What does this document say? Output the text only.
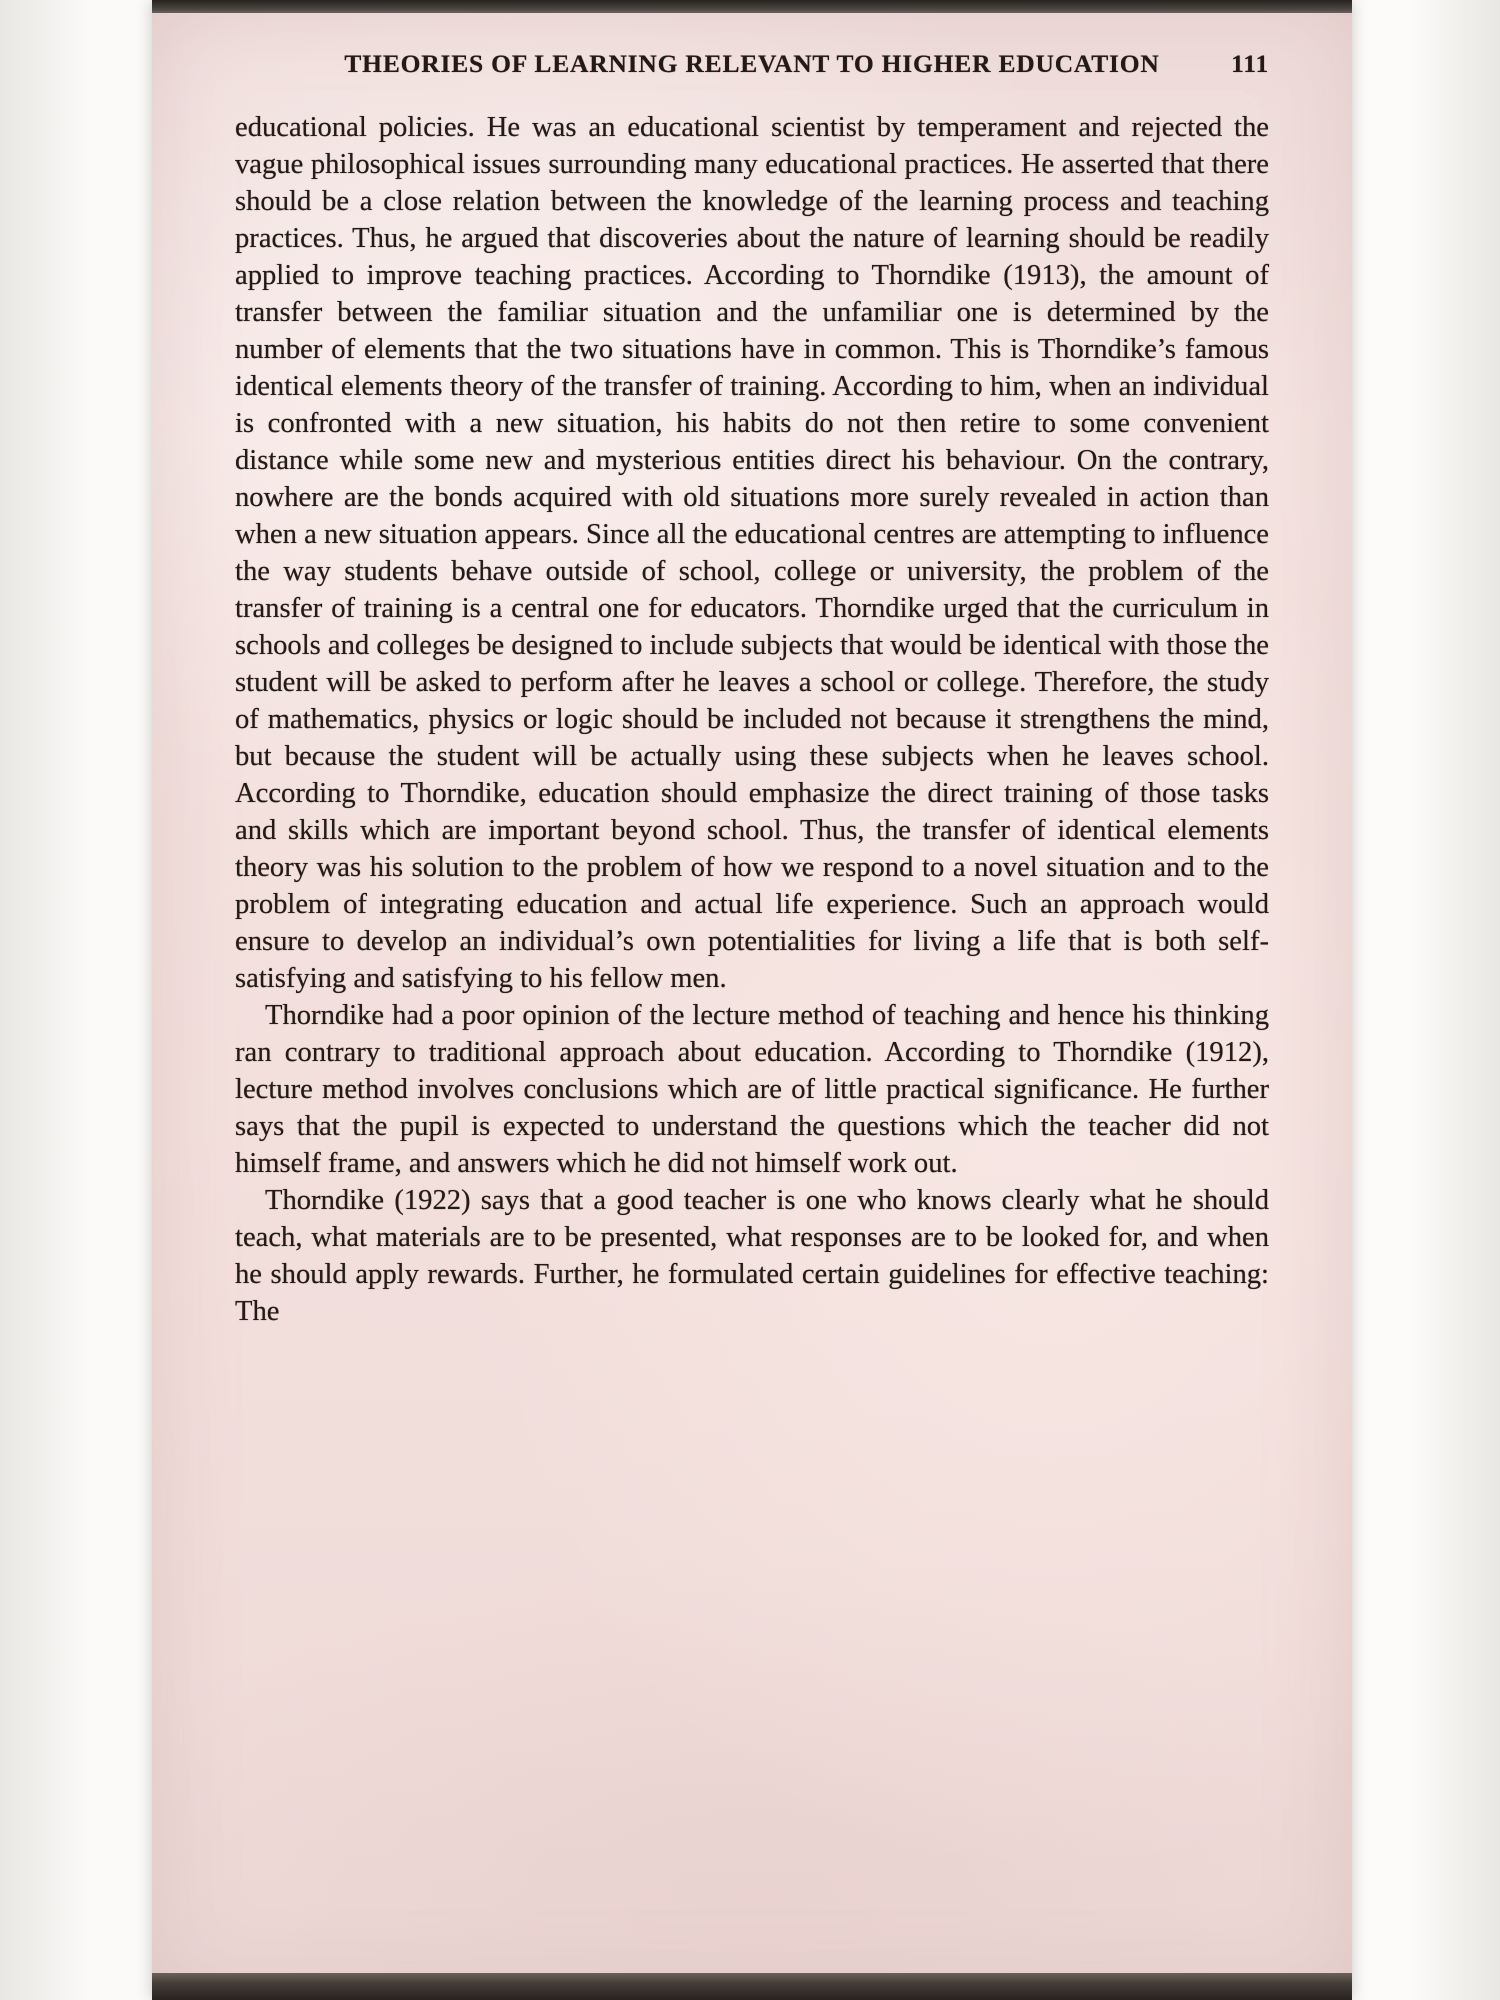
THEORIES OF LEARNING RELEVANT TO HIGHER EDUCATION	111

educational policies. He was an educational scientist by temperament and rejected the vague philosophical issues surrounding many educational practices. He asserted that there should be a close relation between the knowledge of the learning process and teaching practices. Thus, he argued that discoveries about the nature of learning should be readily applied to improve teaching practices. According to Thorndike (1913), the amount of transfer between the familiar situation and the unfamiliar one is determined by the number of elements that the two situations have in common. This is Thorndike’s famous identical elements theory of the transfer of training. According to him, when an individual is confronted with a new situation, his habits do not then retire to some convenient distance while some new and mysterious entities direct his behaviour. On the contrary, nowhere are the bonds acquired with old situations more surely revealed in action than when a new situation appears. Since all the educational centres are attempting to influence the way students behave outside of school, college or university, the problem of the transfer of training is a central one for educators. Thorndike urged that the curriculum in schools and colleges be designed to include subjects that would be identical with those the student will be asked to perform after he leaves a school or college. Therefore, the study of mathematics, physics or logic should be included not because it strengthens the mind, but because the student will be actually using these subjects when he leaves school. According to Thorndike, education should emphasize the direct training of those tasks and skills which are important beyond school. Thus, the transfer of identical elements theory was his solution to the problem of how we respond to a novel situation and to the problem of integrating education and actual life experience. Such an approach would ensure to develop an individual’s own potentialities for living a life that is both self-satisfying and satisfying to his fellow men.

Thorndike had a poor opinion of the lecture method of teaching and hence his thinking ran contrary to traditional approach about education. According to Thorndike (1912), lecture method involves conclusions which are of little practical significance. He further says that the pupil is expected to understand the questions which the teacher did not himself frame, and answers which he did not himself work out.

Thorndike (1922) says that a good teacher is one who knows clearly what he should teach, what materials are to be presented, what responses are to be looked for, and when he should apply rewards. Further, he formulated certain guidelines for effective teaching: The
